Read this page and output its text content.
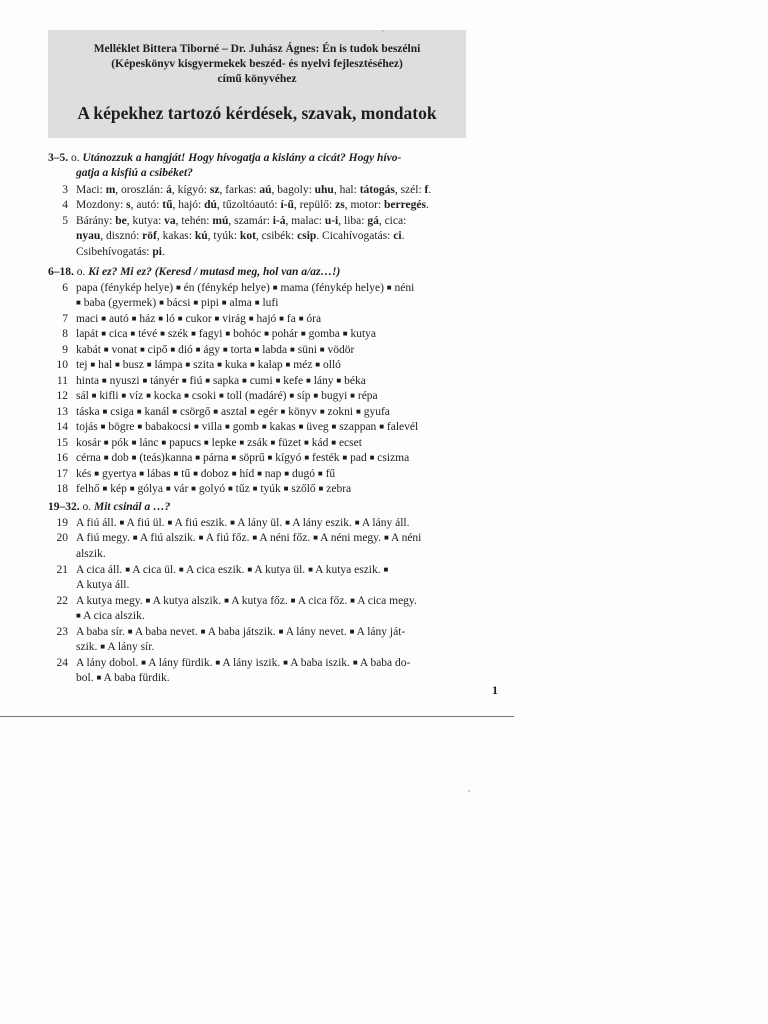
Melléklet Bittera Tiborné – Dr. Juhász Ágnes: Én is tudok beszélni
(Képeskönyv kisgyermekek beszéd- és nyelvi fejlesztéséhez)
című könyvéhez
A képekhez tartozó kérdések, szavak, mondatok
3–5. o. Utánozzuk a hangját! Hogy hívogatja a kislány a cicát? Hogy hívo-
gatja a kisfiú a csibéket?
6–18. o. Ki ez? Mi ez? (Keresd / mutasd meg, hol van a/az…!)
19–32. o. Mit csinál a …?
3 Maci: m, oroszlán: á, kígyó: sz, farkas: aú, bagoly: uhu, hal: tátogás, szél: f.
4 Mozdony: s, autó: tű, hajó: dú, tűzoltóautó: í-ű, repülő: zs, motor: berregés.
5 Bárány: be, kutya: va, tehén: mú, szamár: i-á, malac: u-i, liba: gá, cica:
nyau, disznó: röf, kakas: kú, tyúk: kot, csibék: csip. Cicahívogatás: ci.
Csibehívogatás: pi.
6 papa (fénykép helye) ■ én (fénykép helye) ■ mama (fénykép helye) ■ néni
■ baba (gyermek) ■ bácsi ■ pipi ■ alma ■ lufi
7 maci ■ autó ■ ház ■ ló ■ cukor ■ virág ■ hajó ■ fa ■ óra
8 lapát ■ cica ■ tévé ■ szék ■ fagyi ■ bohóc ■ pohár ■ gomba ■ kutya
9 kabát ■ vonat ■ cipő ■ dió ■ ágy ■ torta ■ labda ■ süni ■ vödör
10 tej ■ hal ■ busz ■ lámpa ■ szita ■ kuka ■ kalap ■ méz ■ olló
11 hinta ■ nyuszi ■ tányér ■ fiú ■ sapka ■ cumi ■ kefe ■ lány ■ béka
12 sál ■ kifli ■ víz ■ kocka ■ csoki ■ toll (madáré) ■ síp ■ bugyi ■ répa
13 táska ■ csiga ■ kanál ■ csörgő ■ asztal ■ egér ■ könyv ■ zokni ■ gyufa
14 tojás ■ bögre ■ babakocsi ■ villa ■ gomb ■ kakas ■ üveg ■ szappan ■ falevél
15 kosár ■ pók ■ lánc ■ papucs ■ lepke ■ zsák ■ füzet ■ kád ■ ecset
16 cérna ■ dob ■ (teás)kanna ■ párna ■ söprű ■ kígyó ■ festék ■ pad ■ csizma
17 kés ■ gyertya ■ lábas ■ tű ■ doboz ■ híd ■ nap ■ dugó ■ fű
18 felhő ■ kép ■ gólya ■ vár ■ golyó ■ tűz ■ tyúk ■ szőlő ■ zebra
19 A fiú áll. ■ A fiú ül. ■ A fiú eszik. ■ A lány ül. ■ A lány eszik. ■ A lány áll.
20 A fiú megy. ■ A fiú alszik. ■ A fiú főz. ■ A néni főz. ■ A néni megy. ■ A néni
alszik.
21 A cica áll. ■ A cica ül. ■ A cica eszik. ■ A kutya ül. ■ A kutya eszik. ■
A kutya áll.
22 A kutya megy. ■ A kutya alszik. ■ A kutya főz. ■ A cica főz. ■ A cica megy.
■ A cica alszik.
23 A baba sír. ■ A baba nevet. ■ A baba játszik. ■ A lány nevet. ■ A lány ját-
szik. ■ A lány sír.
24 A lány dobol. ■ A lány fürdik. ■ A lány iszik. ■ A baba iszik. ■ A baba do-
bol. ■ A baba fürdik.
1
